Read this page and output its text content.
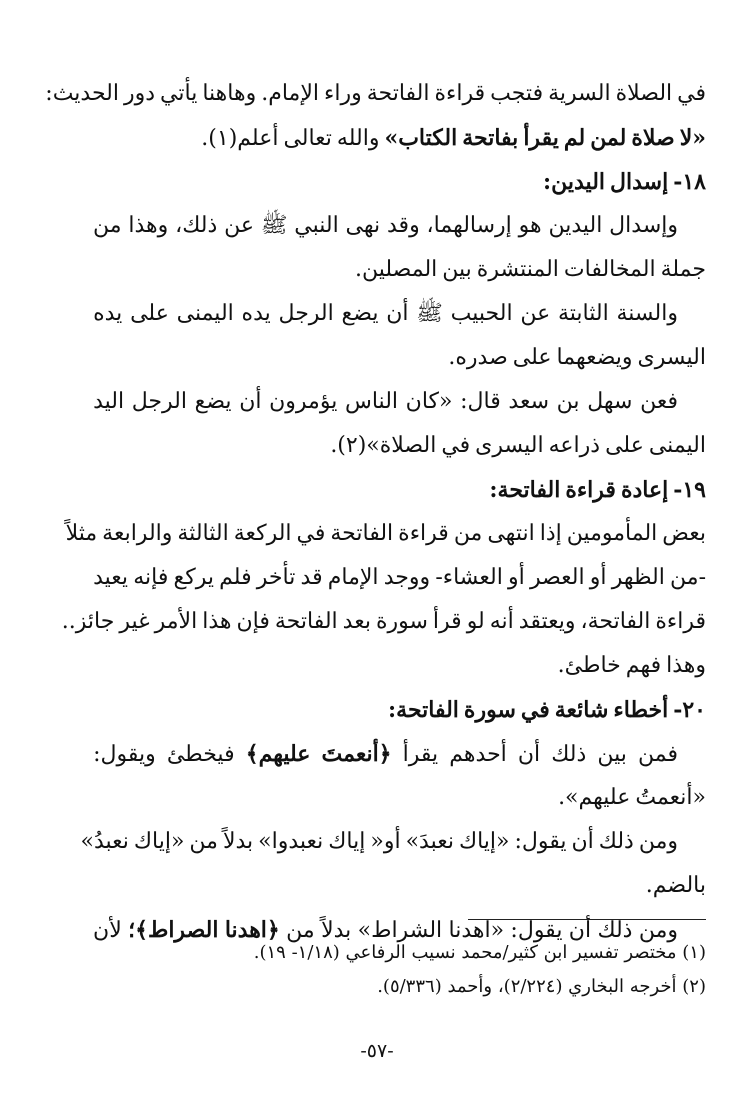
في
الصلاة
السرية
فتجب
قراءة
الفاتحة
وراء
الإمام.
وهاهنا
يأتي
دور
الحديث:
«لا
صلاة
لمن
لم
يقرأ
بفاتحة
الكتاب»
والله
تعالى
أعلم(١).
١٨-
إسدال
اليدين:
وإسدال
اليدين
هو
إرسالهما،
وقد
نهى
النبي
ﷺ
عن
ذلك،
وهذا
من
جملة
المخالفات
المنتشرة
بين
المصلين.
والسنة
الثابتة
عن
الحبيب
ﷺ
أن
يضع
الرجل
يده
اليمنى
على
يده
اليسرى
ويضعهما
على
صدره.
فعن
سهل
بن
سعد
قال:
«كان
الناس
يؤمرون
أن
يضع
الرجل
اليد
اليمنى
على
ذراعه
اليسرى
في
الصلاة»(٢).
١٩-
إعادة
قراءة
الفاتحة:
بعض
المأمومين
إذا
انتهى
من
قراءة
الفاتحة
في
الركعة
الثالثة
والرابعة
مثلاً
-من
الظهر
أو
العصر
أو
العشاء-
ووجد
الإمام
قد
تأخر
فلم
يركع
فإنه
يعيد
قراءة
الفاتحة،
ويعتقد
أنه
لو
قرأ
سورة
بعد
الفاتحة
فإن
هذا
الأمر
غير
جائز..
وهذا
فهم
خاطئ.
٢٠-
أخطاء
شائعة
في
سورة
الفاتحة:
فمن
بين
ذلك
أن
أحدهم
يقرأ
﴿أنعمتَ
عليهم﴾
فيخطئ
ويقول:
«أنعمتُ
عليهم».
ومن
ذلك
أن
يقول:
«إياك
نعبدَ»
أو«
إياك
نعبدوا»
بدلاً
من
«إياك
نعبدُ»
بالضم.
ومن
ذلك
أن
يقول:
«اهدنا
الشراط»
بدلاً
من
﴿اهدنا
الصراط﴾؛
لأن
(١) مختصر تفسير ابن كثير/محمد نسيب الرفاعي (١/١٨- ١٩).
(٢) أخرجه البخاري (٢/٢٢٤)، وأحمد (٥/٣٣٦).
-٥٧-
